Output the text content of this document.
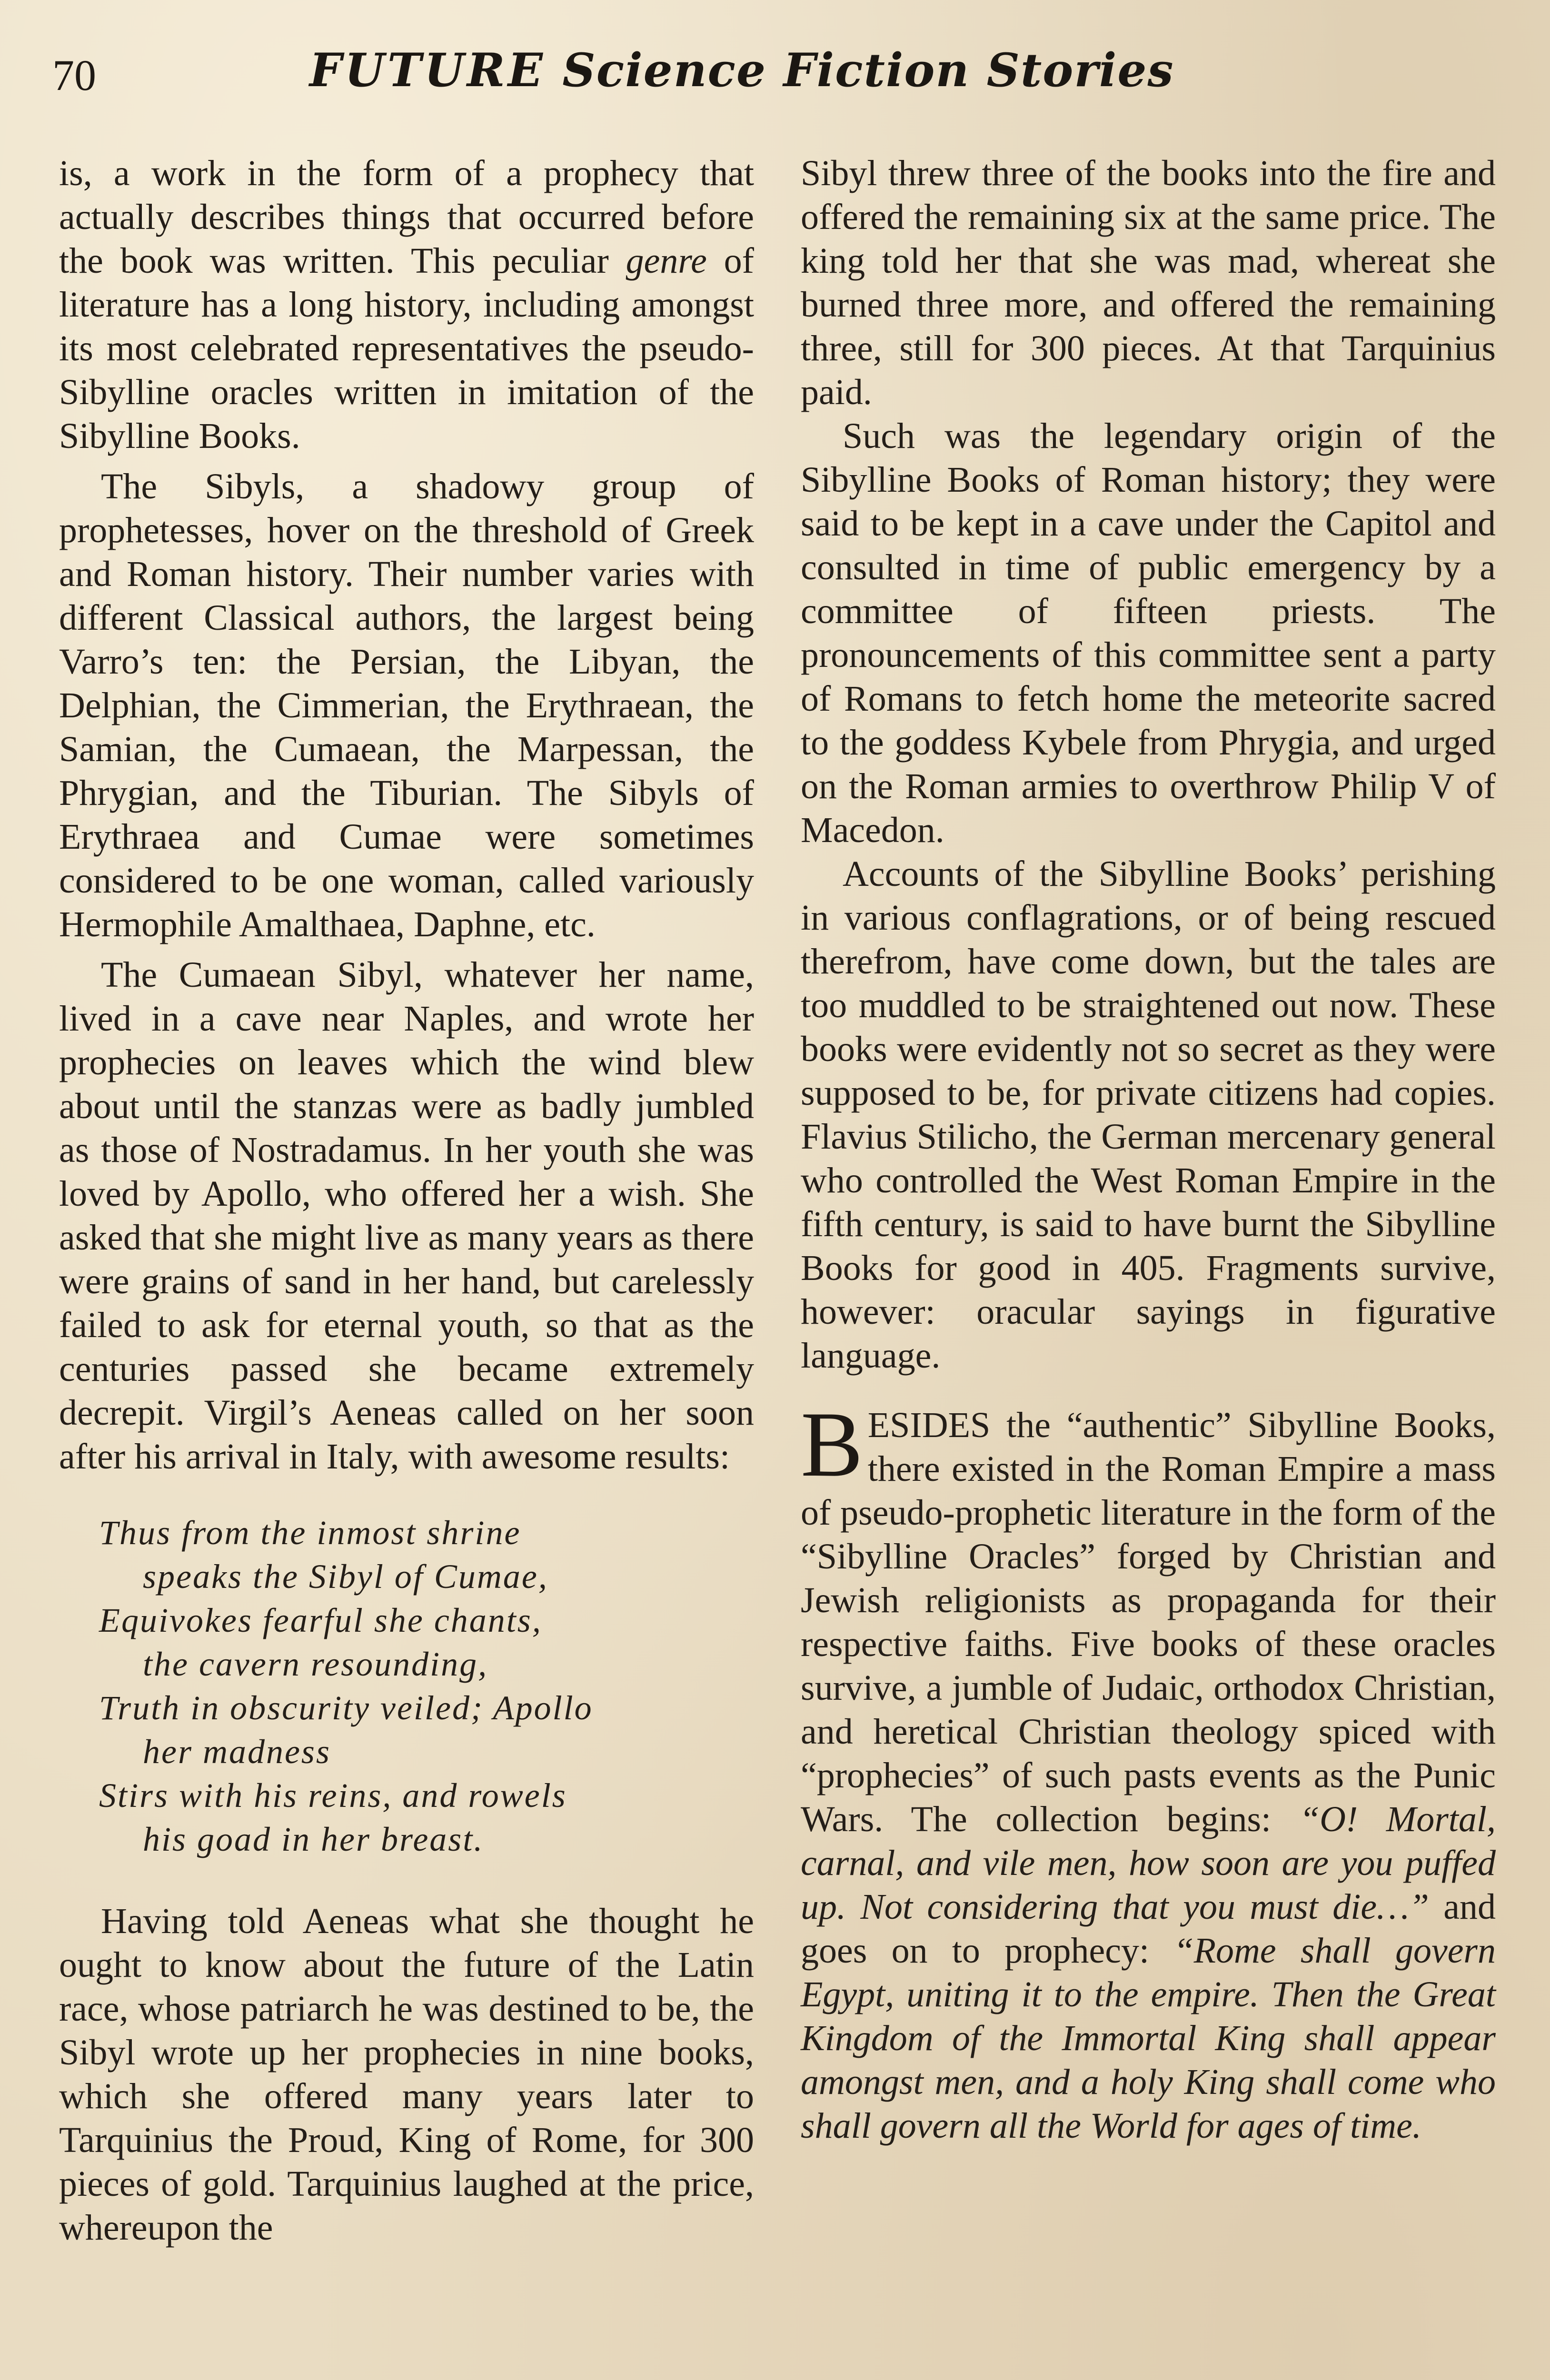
70	FUTURE Science Fiction Stories

is, a work in the form of a prophecy that actually describes things that occurred before the book was written. This peculiar genre of literature has a long history, including amongst its most celebrated representatives the pseudo-Sibylline oracles written in imitation of the Sibylline Books.

The Sibyls, a shadowy group of prophetesses, hover on the threshold of Greek and Roman history. Their number varies with different Classical authors, the largest being Varro’s ten: the Persian, the Libyan, the Delphian, the Cimmerian, the Erythraean, the Samian, the Cumaean, the Marpessan, the Phrygian, and the Tiburian. The Sibyls of Erythraea and Cumae were sometimes considered to be one woman, called variously Hermophile Amalthaea, Daphne, etc.

The Cumaean Sibyl, whatever her name, lived in a cave near Naples, and wrote her prophecies on leaves which the wind blew about until the stanzas were as badly jumbled as those of Nostradamus. In her youth she was loved by Apollo, who offered her a wish. She asked that she might live as many years as there were grains of sand in her hand, but carelessly failed to ask for eternal youth, so that as the centuries passed she became extremely decrepit. Virgil’s Aeneas called on her soon after his arrival in Italy, with awesome results:

Thus from the inmost shrine
speaks the Sibyl of Cumae,
Equivokes fearful she chants,
the cavern resounding,
Truth in obscurity veiled; Apollo
her madness
Stirs with his reins, and rowels
his goad in her breast.

Having told Aeneas what she thought he ought to know about the future of the Latin race, whose patriarch he was destined to be, the Sibyl wrote up her prophecies in nine books, which she offered many years later to Tarquinius the Proud, King of Rome, for 300 pieces of gold. Tarquinius laughed at the price, whereupon the

Sibyl threw three of the books into the fire and offered the remaining six at the same price. The king told her that she was mad, whereat she burned three more, and offered the remaining three, still for 300 pieces. At that Tarquinius paid.

Such was the legendary origin of the Sibylline Books of Roman history; they were said to be kept in a cave under the Capitol and consulted in time of public emergency by a committee of fifteen priests. The pronouncements of this committee sent a party of Romans to fetch home the meteorite sacred to the goddess Kybele from Phrygia, and urged on the Roman armies to overthrow Philip V of Macedon.

Accounts of the Sibylline Books’ perishing in various conflagrations, or of being rescued therefrom, have come down, but the tales are too muddled to be straightened out now. These books were evidently not so secret as they were supposed to be, for private citizens had copies. Flavius Stilicho, the German mercenary general who controlled the West Roman Empire in the fifth century, is said to have burnt the Sibylline Books for good in 405. Fragments survive, however: oracular sayings in figurative language.

BESIDES the “authentic” Sibylline Books, there existed in the Roman Empire a mass of pseudo-prophetic literature in the form of the “Sibylline Oracles” forged by Christian and Jewish religionists as propaganda for their respective faiths. Five books of these oracles survive, a jumble of Judaic, orthodox Christian, and heretical Christian theology spiced with “prophecies” of such pasts events as the Punic Wars. The collection begins: “O! Mortal, carnal, and vile men, how soon are you puffed up. Not considering that you must die…” and goes on to prophecy: “Rome shall govern Egypt, uniting it to the empire. Then the Great Kingdom of the Immortal King shall appear amongst men, and a holy King shall come who shall govern all the World for ages of time.
